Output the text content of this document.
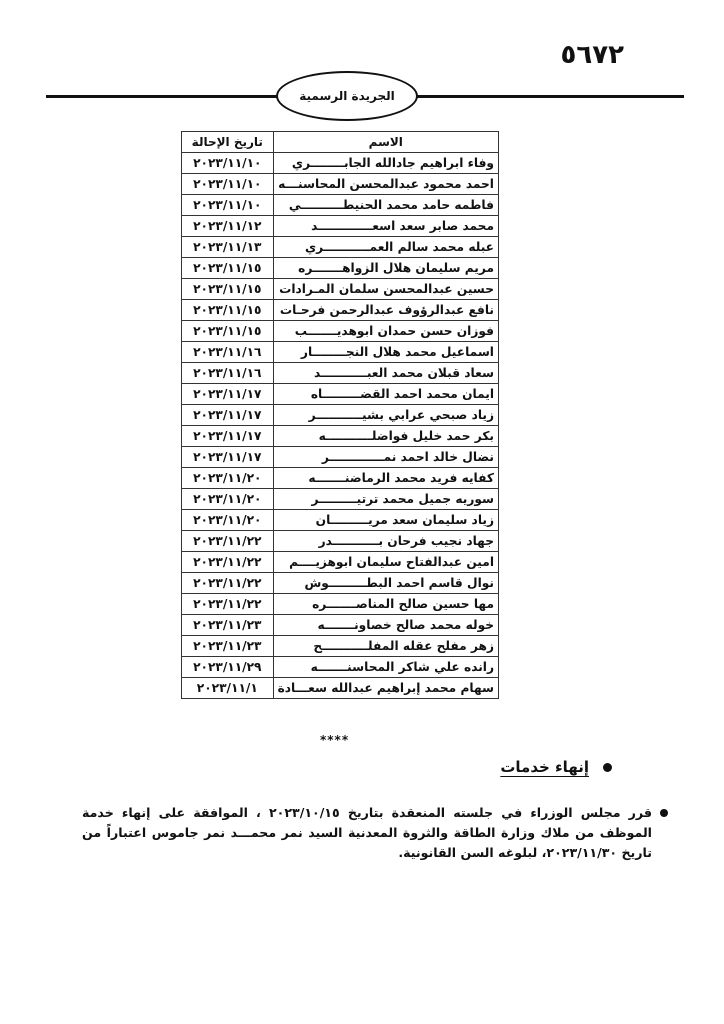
٥٦٧٢
الجريدة الرسمية
الاسم	تاريخ الإحالة
وفاء ابراهيم جادالله الجابــــــــري	٢٠٢٣/١١/١٠
احمد محمود عبدالمحسن المحاسنـــه	٢٠٢٣/١١/١٠
فاطمه حامد محمد الحنيطــــــــــي	٢٠٢٣/١١/١٠
محمد صابر سعد اسعـــــــــــــد	٢٠٢٣/١١/١٢
عبله محمد سالم العمـــــــــــري	٢٠٢٣/١١/١٣
مريم سليمان هلال الزواهـــــــره	٢٠٢٣/١١/١٥
حسين عبدالمحسن سلمان المـرادات	٢٠٢٣/١١/١٥
نافع عبدالرؤوف عبدالرحمن فرحـات	٢٠٢٣/١١/١٥
فوزان حسن حمدان ابوهديـــــــب	٢٠٢٣/١١/١٥
اسماعيل محمد هلال النجــــــــار	٢٠٢٣/١١/١٦
سعاد قبلان محمد العبـــــــــــد	٢٠٢٣/١١/١٦
ايمان محمد احمد القضـــــــــاه	٢٠٢٣/١١/١٧
زياد صبحي عرابي بشيـــــــــــر	٢٠٢٣/١١/١٧
بكر حمد خليل فواضلـــــــــــه	٢٠٢٣/١١/١٧
نضال خالد احمد نمـــــــــــــر	٢٠٢٣/١١/١٧
كفايه فريد محمد الرماضنـــــــه	٢٠٢٣/١١/٢٠
سوريه جميل محمد ترتيـــــــــر	٢٠٢٣/١١/٢٠
زياد سليمان سعد مريـــــــــان	٢٠٢٣/١١/٢٠
جهاد نجيب فرحان بـــــــــــدر	٢٠٢٣/١١/٢٢
امين عبدالفتاح سليمان ابوهزيــــم	٢٠٢٣/١١/٢٢
نوال قاسم احمد البطـــــــــوش	٢٠٢٣/١١/٢٢
مها حسين صالح المناصـــــــره	٢٠٢٣/١١/٢٢
خوله محمد صالح خصاونـــــــه	٢٠٢٣/١١/٢٣
زهر مفلح عقله المفلـــــــــــح	٢٠٢٣/١١/٢٣
رانده علي شاكر المحاسنـــــــه	٢٠٢٣/١١/٢٩
سهام محمد إبراهيم عبدالله سعـــادة	٢٠٢٣/١١/١
****
إنهاء خدمات
قرر مجلس الوزراء في جلسته المنعقدة بتاريخ ٢٠٢٣/١٠/١٥ ، الموافقة على إنهاء خدمة الموظف من ملاك وزارة الطاقة والثروة المعدنية السيد نمر محمـــد نمر جاموس اعتباراً من تاريخ ٢٠٢٣/١١/٣٠، لبلوغه السن القانونية.
